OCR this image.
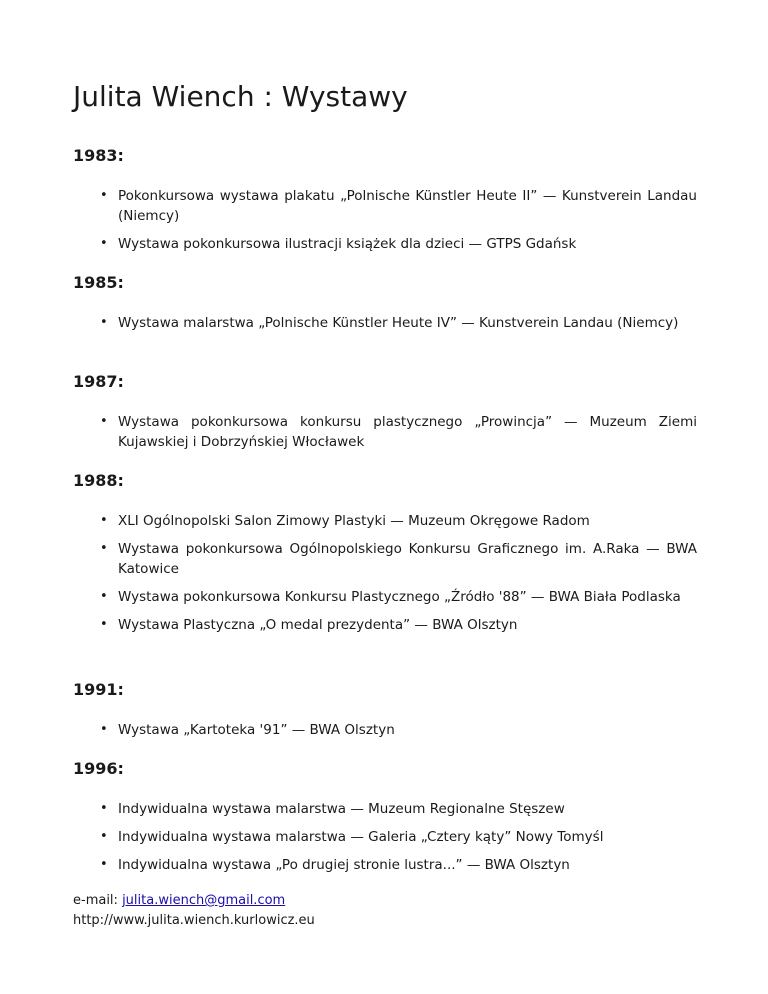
Julita Wiench : Wystawy
1983:
• Pokonkursowa wystawa plakatu „Polnische Künstler Heute II” — Kunstverein Landau (Niemcy)
• Wystawa pokonkursowa ilustracji książek dla dzieci — GTPS Gdańsk
1985:
• Wystawa malarstwa „Polnische Künstler Heute IV” — Kunstverein Landau (Niemcy)
1987:
• Wystawa pokonkursowa konkursu plastycznego „Prowincja” — Muzeum Ziemi Kujawskiej i Dobrzyńskiej Włocławek
1988:
• XLI Ogólnopolski Salon Zimowy Plastyki — Muzeum Okręgowe Radom
• Wystawa pokonkursowa Ogólnopolskiego Konkursu Graficznego im. A.Raka — BWA Katowice
• Wystawa pokonkursowa Konkursu Plastycznego „Źródło '88” — BWA Biała Podlaska
• Wystawa Plastyczna „O medal prezydenta” — BWA Olsztyn
1991:
• Wystawa „Kartoteka '91” — BWA Olsztyn
1996:
• Indywidualna wystawa malarstwa — Muzeum Regionalne Stęszew
• Indywidualna wystawa malarstwa — Galeria „Cztery kąty” Nowy Tomyśl
• Indywidualna wystawa „Po drugiej stronie lustra...” — BWA Olsztyn
e-mail: julita.wiench@gmail.com
http://www.julita.wiench.kurlowicz.eu
